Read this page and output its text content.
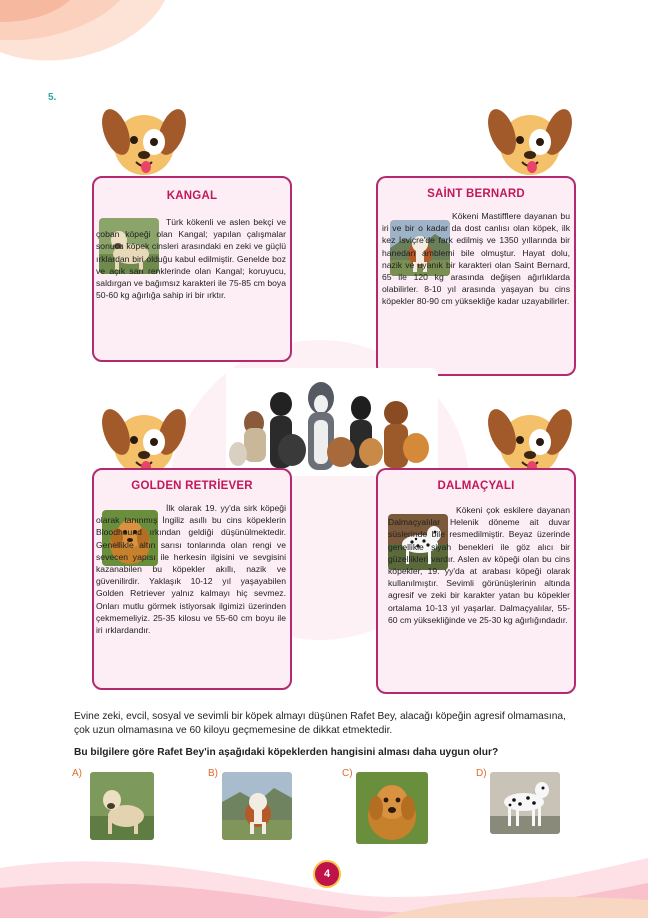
5.
KANGAL
Türk kökenli ve aslen bekçi ve çoban köpeği olan Kangal; yapılan çalışmalar sonucu köpek cinsleri arasındaki en zeki ve güçlü ırklardan biri olduğu kabul edilmiştir. Genelde boz ve açık sarı renklerinde olan Kangal; koruyucu, saldırgan ve bağımsız karakteri ile 75-85 cm boya 50-60 kg ağırlığa sahip iri bir ırktır.
SAİNT BERNARD
Kökeni Mastifflere dayanan bu iri ve bir o kadar da dost canlısı olan köpek, ilk kez İsviçre'de fark edilmiş ve 1350 yıllarında bir hanedan amblemi bile olmuştur. Hayat dolu, nazik ve uyanık bir karakteri olan Saint Bernard, 65 ile 120 kg arasında değişen ağırlıklarda olabilirler. 8-10 yıl arasında yaşayan bu cins köpekler 80-90 cm yüksekliğe kadar uzayabilirler.
GOLDEN RETRİEVER
İlk olarak 19. yy'da sirk köpeği olarak tanınmış İngiliz asıllı bu cins köpeklerin Bloodhound ırkından geldiği düşünülmektedir. Genellikle altın sarısı tonlarında olan rengi ve sevecen yapısı ile herkesin ilgisini ve sevgisini kazanabilen bu köpekler akıllı, nazik ve güvenilirdir. Yaklaşık 10-12 yıl yaşayabilen Golden Retriever yalnız kalmayı hiç sevmez. Onları mutlu görmek istiyorsak ilgimizi üzerinden çekmemeliyiz. 25-35 kilosu ve 55-60 cm boyu ile iri ırklardandır.
DALMAÇYALI
Kökeni çok eskilere dayanan Dalmaçyalılar Helenik döneme ait duvar süslerinde bile resmedilmiştir. Beyaz üzerinde genellikle siyah benekleri ile göz alıcı bir güzellikleri vardır. Aslen av köpeği olan bu cins köpekler, 19. yy'da at arabası köpeği olarak kullanılmıştır. Sevimli görünüşlerinin altında agresif ve zeki bir karakter yatan bu köpekler ortalama 10-13 yıl yaşarlar. Dalmaçyalılar, 55-60 cm yüksekliğinde ve 25-30 kg ağırlığındadır.
Evine zeki, evcil, sosyal ve sevimli bir köpek almayı düşünen Rafet Bey, alacağı köpeğin agresif olmamasına, çok uzun olmamasına ve 60 kiloyu geçmemesine de dikkat etmektedir.
Bu bilgilere göre Rafet Bey'in aşağıdaki köpeklerden hangisini alması daha uygun olur?
A)	B)	C)	D)
4
